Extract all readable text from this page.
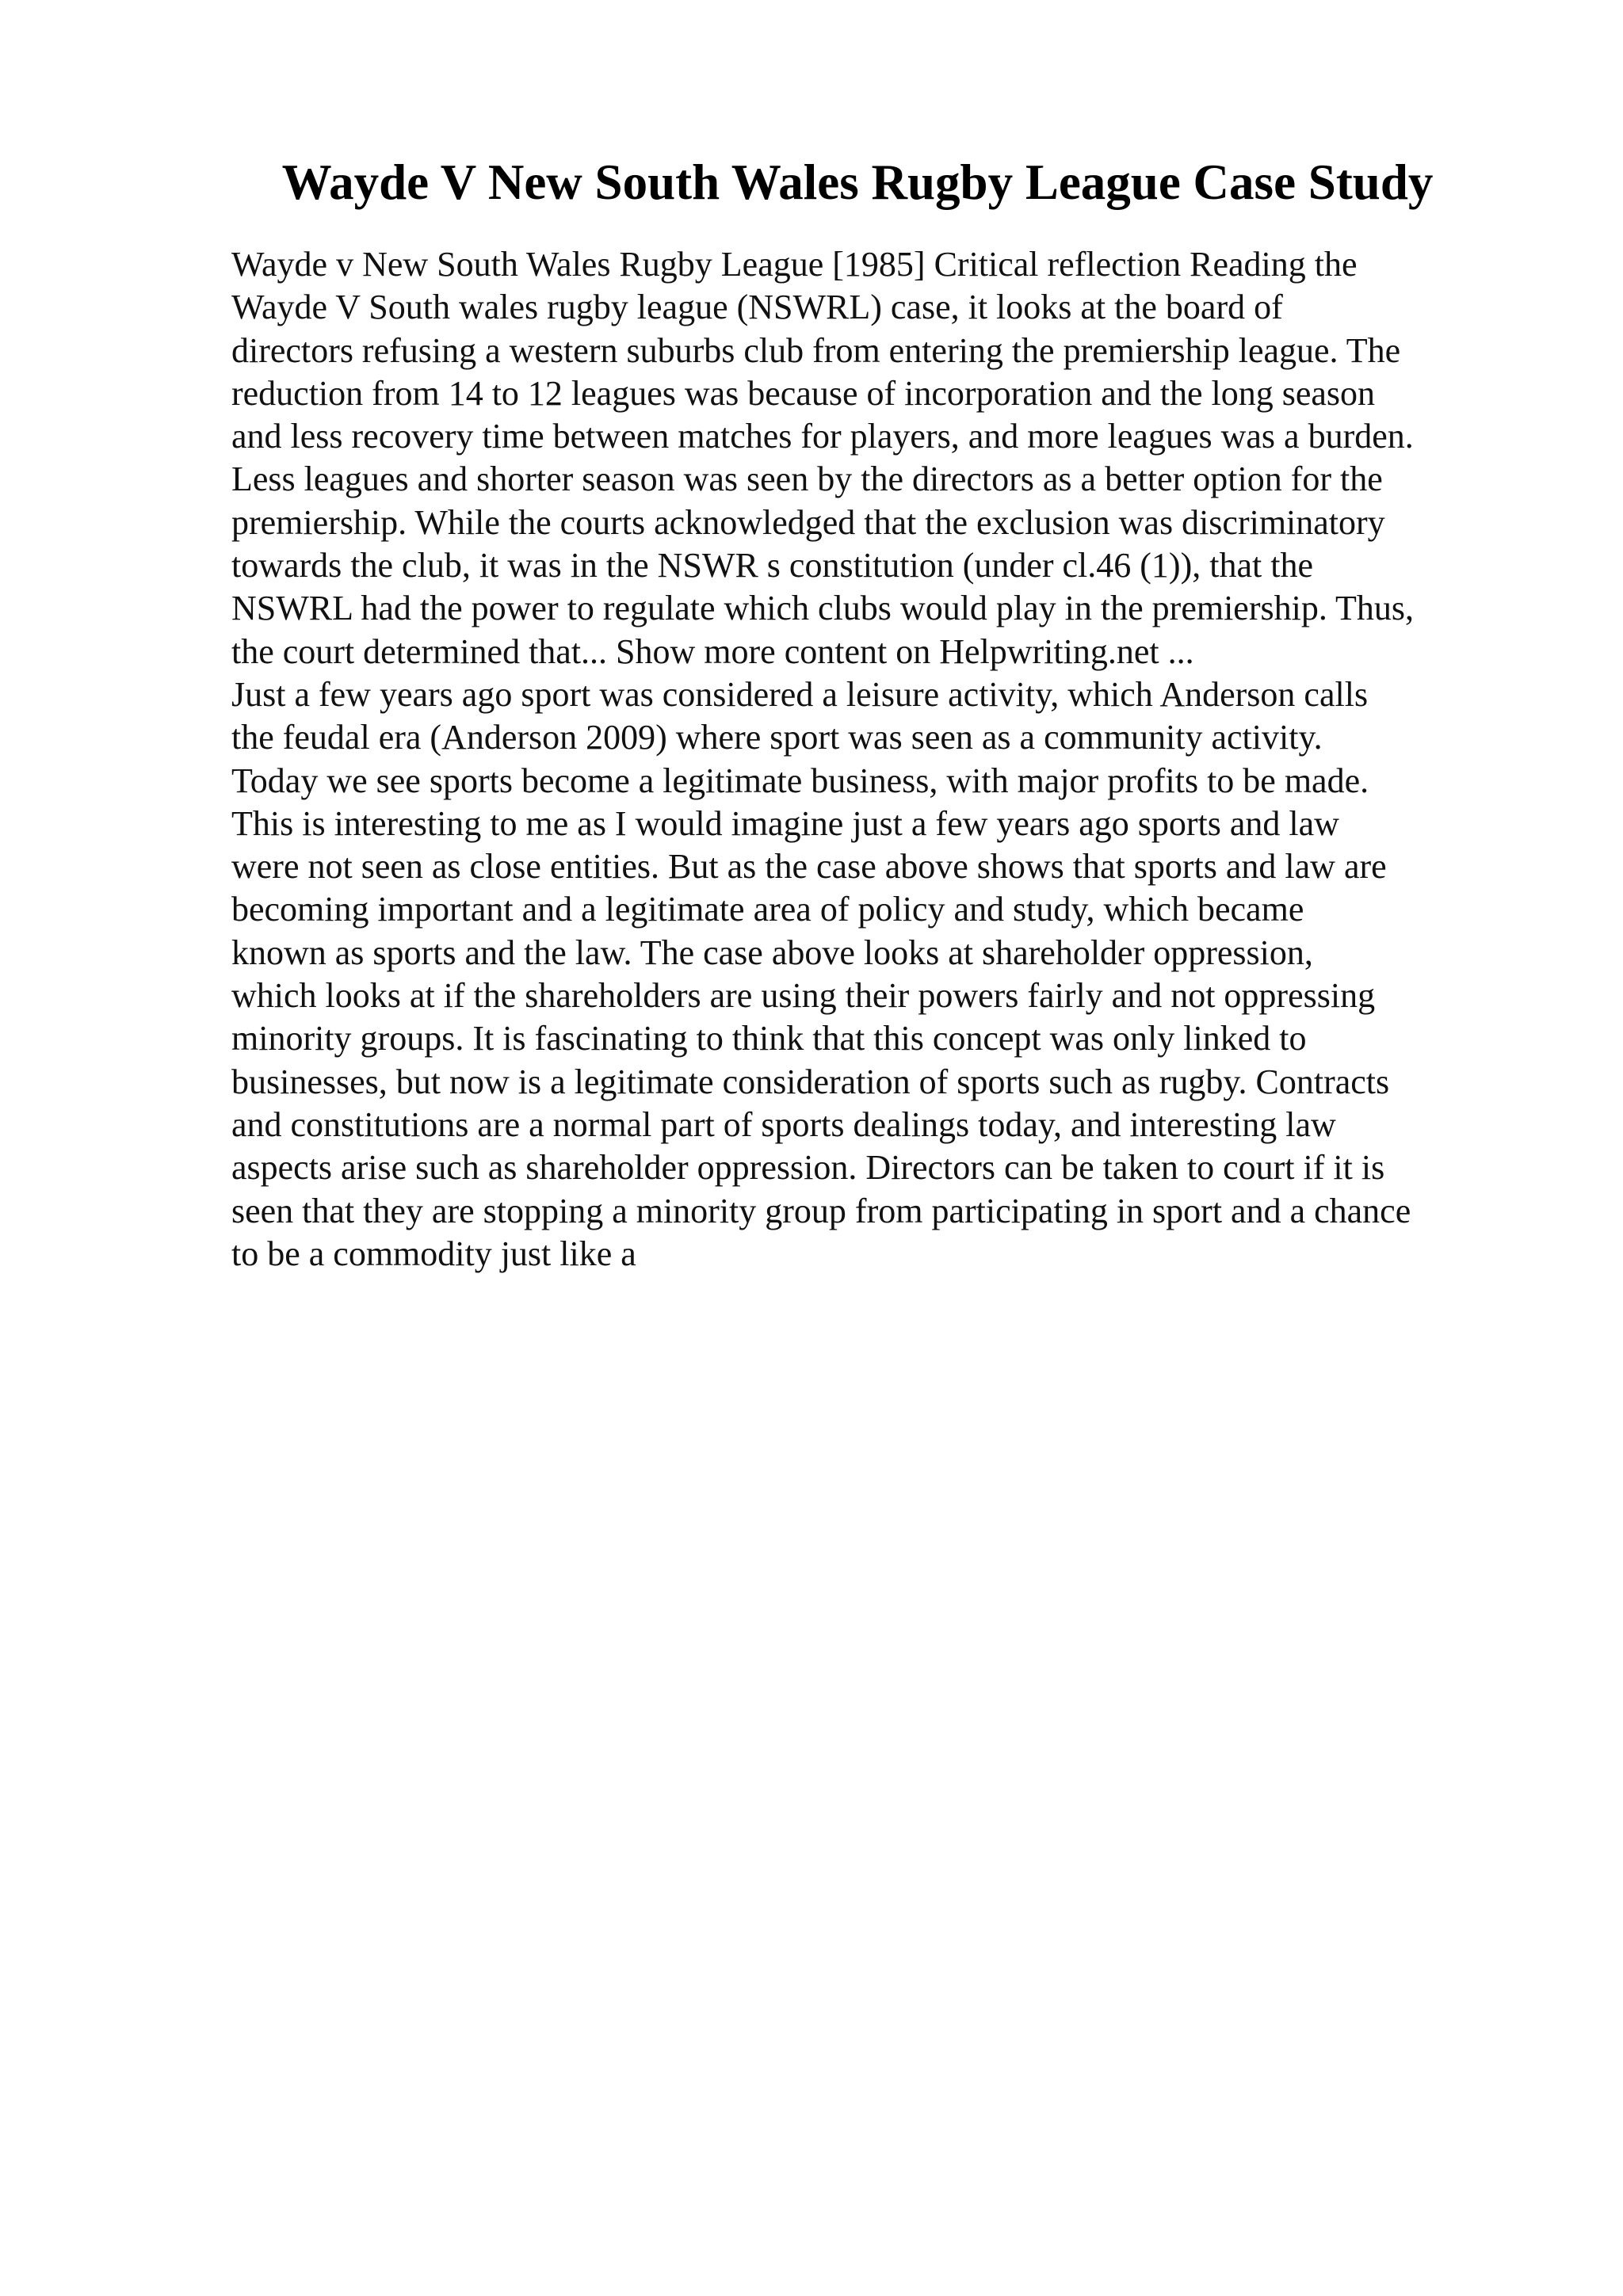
Wayde V New South Wales Rugby League Case Study
Wayde v New South Wales Rugby League [1985] Critical reflection Reading the
Wayde V South wales rugby league (NSWRL) case, it looks at the board of
directors refusing a western suburbs club from entering the premiership league. The
reduction from 14 to 12 leagues was because of incorporation and the long season
and less recovery time between matches for players, and more leagues was a burden.
Less leagues and shorter season was seen by the directors as a better option for the
premiership. While the courts acknowledged that the exclusion was discriminatory
towards the club, it was in the NSWR s constitution (under cl.46 (1)), that the
NSWRL had the power to regulate which clubs would play in the premiership. Thus,
the court determined that... Show more content on Helpwriting.net ...
Just a few years ago sport was considered a leisure activity, which Anderson calls
the feudal era (Anderson 2009) where sport was seen as a community activity.
Today we see sports become a legitimate business, with major profits to be made.
This is interesting to me as I would imagine just a few years ago sports and law
were not seen as close entities. But as the case above shows that sports and law are
becoming important and a legitimate area of policy and study, which became
known as sports and the law. The case above looks at shareholder oppression,
which looks at if the shareholders are using their powers fairly and not oppressing
minority groups. It is fascinating to think that this concept was only linked to
businesses, but now is a legitimate consideration of sports such as rugby. Contracts
and constitutions are a normal part of sports dealings today, and interesting law
aspects arise such as shareholder oppression. Directors can be taken to court if it is
seen that they are stopping a minority group from participating in sport and a chance
to be a commodity just like a
